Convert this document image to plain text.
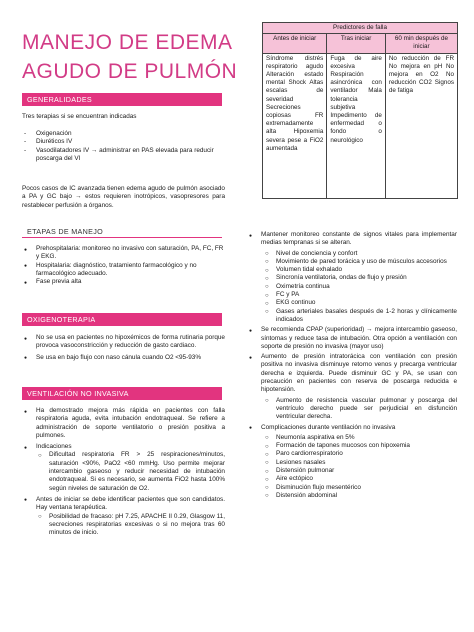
MANEJO DE EDEMA
AGUDO DE PULMÓN
GENERALIDADES
Tres terapias si se encuentran indicadas
- Oxigenación
- Diuréticos IV
- Vasodilatadores IV → administrar en PAS elevada para reducir poscarga del VI
Pocos casos de IC avanzada tienen edema agudo de pulmón asociado a PA y GC bajo → estos requieren inotrópicos, vasopresores para restablecer perfusión a órganos.
ETAPAS DE MANEJO
● Prehospitalaria: monitoreo no invasivo con saturación, PA, FC, FR y EKG.
● Hospitalaria: diagnóstico, tratamiento farmacológico y no farmacológico adecuado.
● Fase previa alta
OXIGENOTERAPIA
● No se usa en pacientes no hipoxémicos de forma rutinaria porque provoca vasoconstricción y reducción de gasto cardiaco.
● Se usa en bajo flujo con naso cánula cuando O2 <95-93%
VENTILACIÓN NO INVASIVA
● Ha demostrado mejora más rápida en pacientes con falla respiratoria aguda, evita intubación endotraqueal. Se refiere a administración de soporte ventilatorio o presión positiva a pulmones.
● Indicaciones
○ Dificultad respiratoria FR > 25 respiraciones/minutos, saturación <90%, PaO2 <60 mmHg. Uso permite mejorar intercambio gaseoso y reducir necesidad de intubación endotraqueal. Si es necesario, se aumenta FiO2 hasta 100% según niveles de saturación de O2.
● Antes de iniciar se debe identificar pacientes que son candidatos. Hay ventana terapéutica.
○ Posibilidad de fracaso: pH 7.25, APACHE II 0.29, Glasgow 11, secreciones respiratorias excesivas o si no mejora tras 60 minutos de inicio.
Predictores de falla		
Antes de iniciar	Tras iniciar	60 min después de iniciar
Síndrome distrés respiratorio agudo Alteración estado mental Shock Altas escalas de severidad Secreciones copiosas FR extremadamente alta Hipoxemia severa pese a FiO2 aumentada	Fuga de aire excesiva Respiración asincrónica con ventilador Mala tolerancia subjetiva Impedimento de enfermedad o fondo o neurológico	No reducción de FR No mejora en pH No mejora en O2 No reducción CO2 Signos de fatiga
● Mantener monitoreo constante de signos vitales para implementar medias tempranas si se alteran.
○ Nivel de conciencia y confort
○ Movimiento de pared torácica y uso de músculos accesorios
○ Volumen tidal exhalado
○ Sincronía ventilatoria, ondas de flujo y presión
○ Oximetría continua
○ FC y PA
○ EKG continuo
○ Gases arteriales basales después de 1-2 horas y clínicamente indicados
● Se recomienda CPAP (superioridad) → mejora intercambio gaseoso, síntomas y reduce tasa de intubación. Otra opción a ventilación con soporte de presión no invasiva (mayor uso)
● Aumento de presión intratorácica con ventilación con presión positiva no invasiva disminuye retorno venos y precarga ventricular derecha e izquierda. Puede disminuir GC y PA, se usan con precaución en pacientes con reserva de poscarga reducida e hipotensión.
○ Aumento de resistencia vascular pulmonar y poscarga del ventrículo derecho puede ser perjudicial en disfunción ventricular derecha.
● Complicaciones durante ventilación no invasiva
○ Neumonía aspirativa en 5%
○ Formación de tapones mucosos con hipoxemia
○ Paro cardiorrespiratorio
○ Lesiones nasales
○ Distensión pulmonar
○ Aire ectópico
○ Disminución flujo mesentérico
○ Distensión abdominal
